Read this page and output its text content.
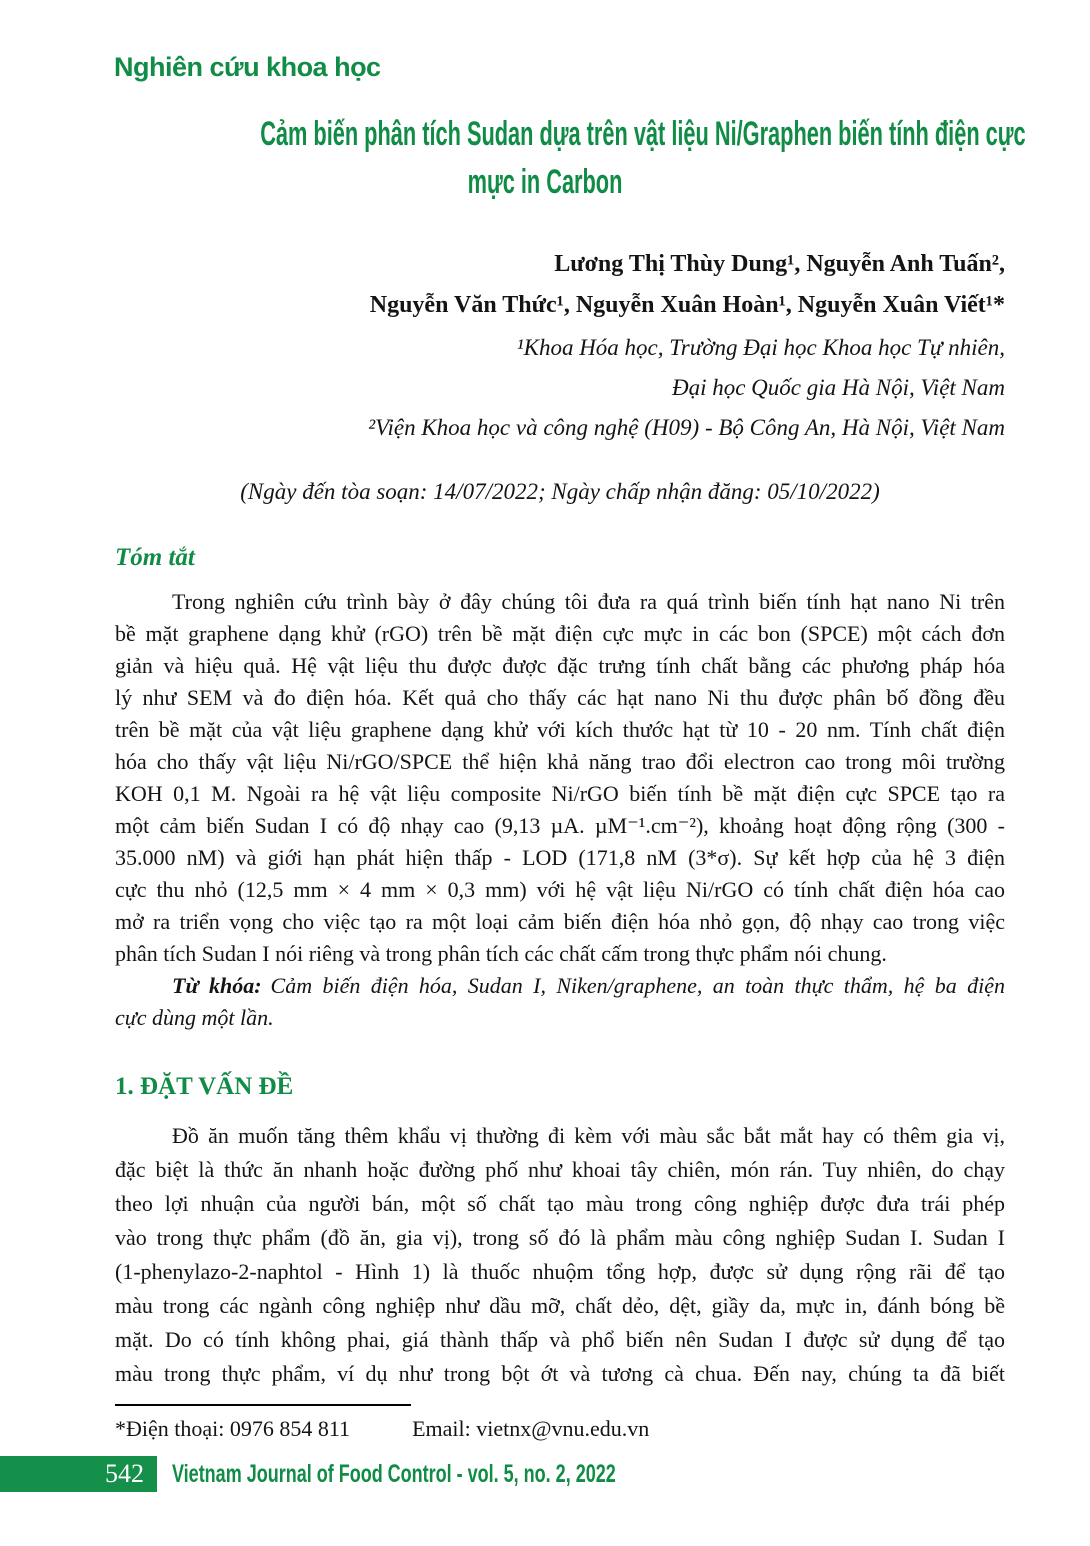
Nghiên cứu khoa học
Cảm biến phân tích Sudan dựa trên vật liệu Ni/Graphen biến tính điện cực
mực in Carbon
Lương Thị Thùy Dung¹, Nguyễn Anh Tuấn²,
Nguyễn Văn Thức¹, Nguyễn Xuân Hoàn¹, Nguyễn Xuân Viết¹*
¹Khoa Hóa học, Trường Đại học Khoa học Tự nhiên,
Đại học Quốc gia Hà Nội, Việt Nam
²Viện Khoa học và công nghệ (H09) - Bộ Công An, Hà Nội, Việt Nam
(Ngày đến tòa soạn: 14/07/2022; Ngày chấp nhận đăng: 05/10/2022)
Tóm tắt
Trong nghiên cứu trình bày ở đây chúng tôi đưa ra quá trình biến tính hạt nano Ni trên
bề mặt graphene dạng khử (rGO) trên bề mặt điện cực mực in các bon (SPCE) một cách đơn
giản và hiệu quả. Hệ vật liệu thu được được đặc trưng tính chất bằng các phương pháp hóa
lý như SEM và đo điện hóa. Kết quả cho thấy các hạt nano Ni thu được phân bố đồng đều
trên bề mặt của vật liệu graphene dạng khử với kích thước hạt từ 10 - 20 nm. Tính chất điện
hóa cho thấy vật liệu Ni/rGO/SPCE thể hiện khả năng trao đổi electron cao trong môi trường
KOH 0,1 M. Ngoài ra hệ vật liệu composite Ni/rGO biến tính bề mặt điện cực SPCE tạo ra
một cảm biến Sudan I có độ nhạy cao (9,13 µA. µM⁻¹.cm⁻²), khoảng hoạt động rộng (300 -
35.000 nM) và giới hạn phát hiện thấp - LOD (171,8 nM (3*σ). Sự kết hợp của hệ 3 điện
cực thu nhỏ (12,5 mm × 4 mm × 0,3 mm) với hệ vật liệu Ni/rGO có tính chất điện hóa cao
mở ra triển vọng cho việc tạo ra một loại cảm biến điện hóa nhỏ gọn, độ nhạy cao trong việc
phân tích Sudan I nói riêng và trong phân tích các chất cấm trong thực phẩm nói chung.
Từ khóa: Cảm biến điện hóa, Sudan I, Niken/graphene, an toàn thực thẩm, hệ ba điện
cực dùng một lần.
1. ĐẶT VẤN ĐỀ
Đồ ăn muốn tăng thêm khẩu vị thường đi kèm với màu sắc bắt mắt hay có thêm gia vị,
đặc biệt là thức ăn nhanh hoặc đường phố như khoai tây chiên, món rán. Tuy nhiên, do chạy
theo lợi nhuận của người bán, một số chất tạo màu trong công nghiệp được đưa trái phép
vào trong thực phẩm (đồ ăn, gia vị), trong số đó là phẩm màu công nghiệp Sudan I. Sudan I
(1-phenylazo-2-naphtol - Hình 1) là thuốc nhuộm tổng hợp, được sử dụng rộng rãi để tạo
màu trong các ngành công nghiệp như dầu mỡ, chất dẻo, dệt, giầy da, mực in, đánh bóng bề
mặt. Do có tính không phai, giá thành thấp và phổ biến nên Sudan I được sử dụng để tạo
màu trong thực phẩm, ví dụ như trong bột ớt và tương cà chua. Đến nay, chúng ta đã biết
*Điện thoại: 0976 854 811	Email: vietnx@vnu.edu.vn
542 Vietnam Journal of Food Control - vol. 5, no. 2, 2022
